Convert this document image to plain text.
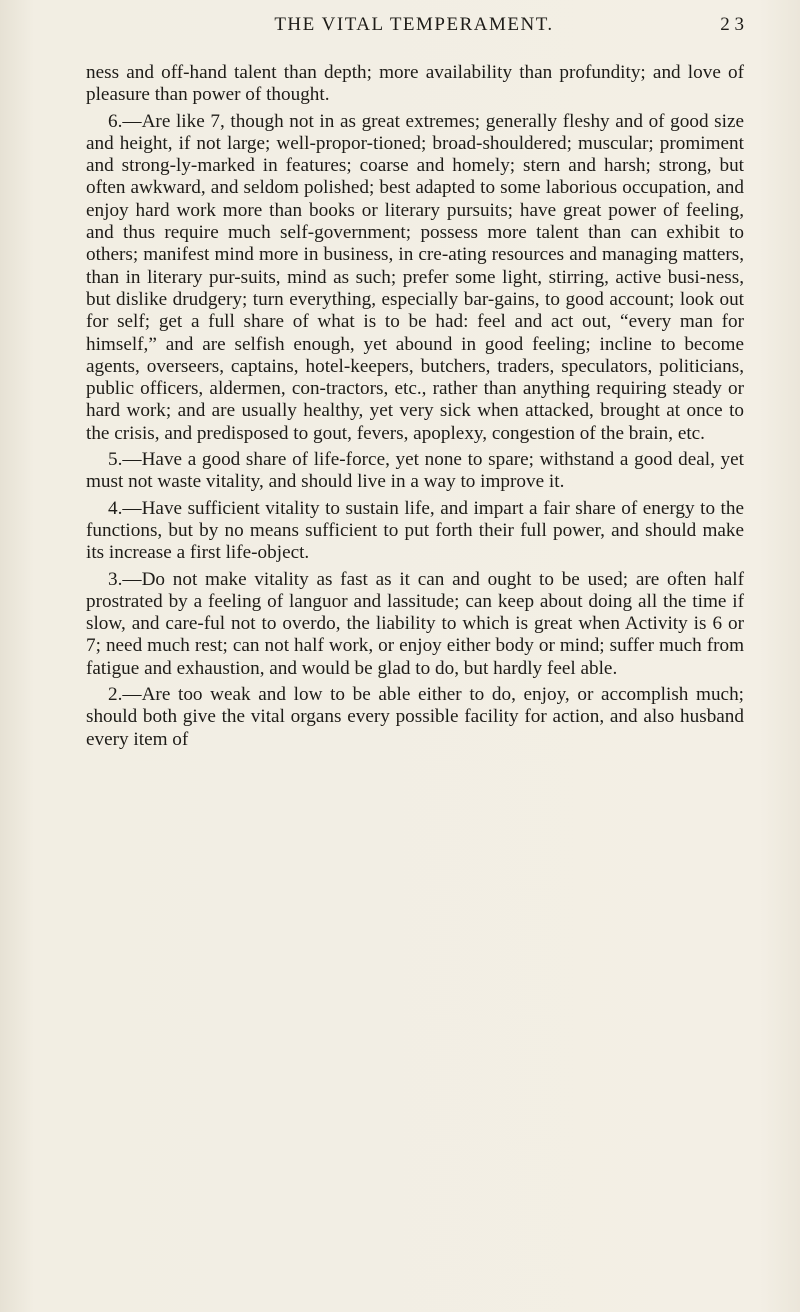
THE VITAL TEMPERAMENT.	2 3

ness and off-hand talent than depth; more availability than profundity; and love of pleasure than power of thought.

6.—Are like 7, though not in as great extremes; generally fleshy and of good size and height, if not large; well-propor-tioned; broad-shouldered; muscular; promiment and strong-ly-marked in features; coarse and homely; stern and harsh; strong, but often awkward, and seldom polished; best adapted to some laborious occupation, and enjoy hard work more than books or literary pursuits; have great power of feeling, and thus require much self-government; possess more talent than can exhibit to others; manifest mind more in business, in cre-ating resources and managing matters, than in literary pur-suits, mind as such; prefer some light, stirring, active busi-ness, but dislike drudgery; turn everything, especially bar-gains, to good account; look out for self; get a full share of what is to be had: feel and act out, “every man for himself,” and are selfish enough, yet abound in good feeling; incline to become agents, overseers, captains, hotel-keepers, butchers, traders, speculators, politicians, public officers, aldermen, con-tractors, etc., rather than anything requiring steady or hard work; and are usually healthy, yet very sick when attacked, brought at once to the crisis, and predisposed to gout, fevers, apoplexy, congestion of the brain, etc.

5.—Have a good share of life-force, yet none to spare; withstand a good deal, yet must not waste vitality, and should live in a way to improve it.

4.—Have sufficient vitality to sustain life, and impart a fair share of energy to the functions, but by no means sufficient to put forth their full power, and should make its increase a first life-object.

3.—Do not make vitality as fast as it can and ought to be used; are often half prostrated by a feeling of languor and lassitude; can keep about doing all the time if slow, and care-ful not to overdo, the liability to which is great when Activity is 6 or 7; need much rest; can not half work, or enjoy either body or mind; suffer much from fatigue and exhaustion, and would be glad to do, but hardly feel able.

2.—Are too weak and low to be able either to do, enjoy, or accomplish much; should both give the vital organs every possible facility for action, and also husband every item of
